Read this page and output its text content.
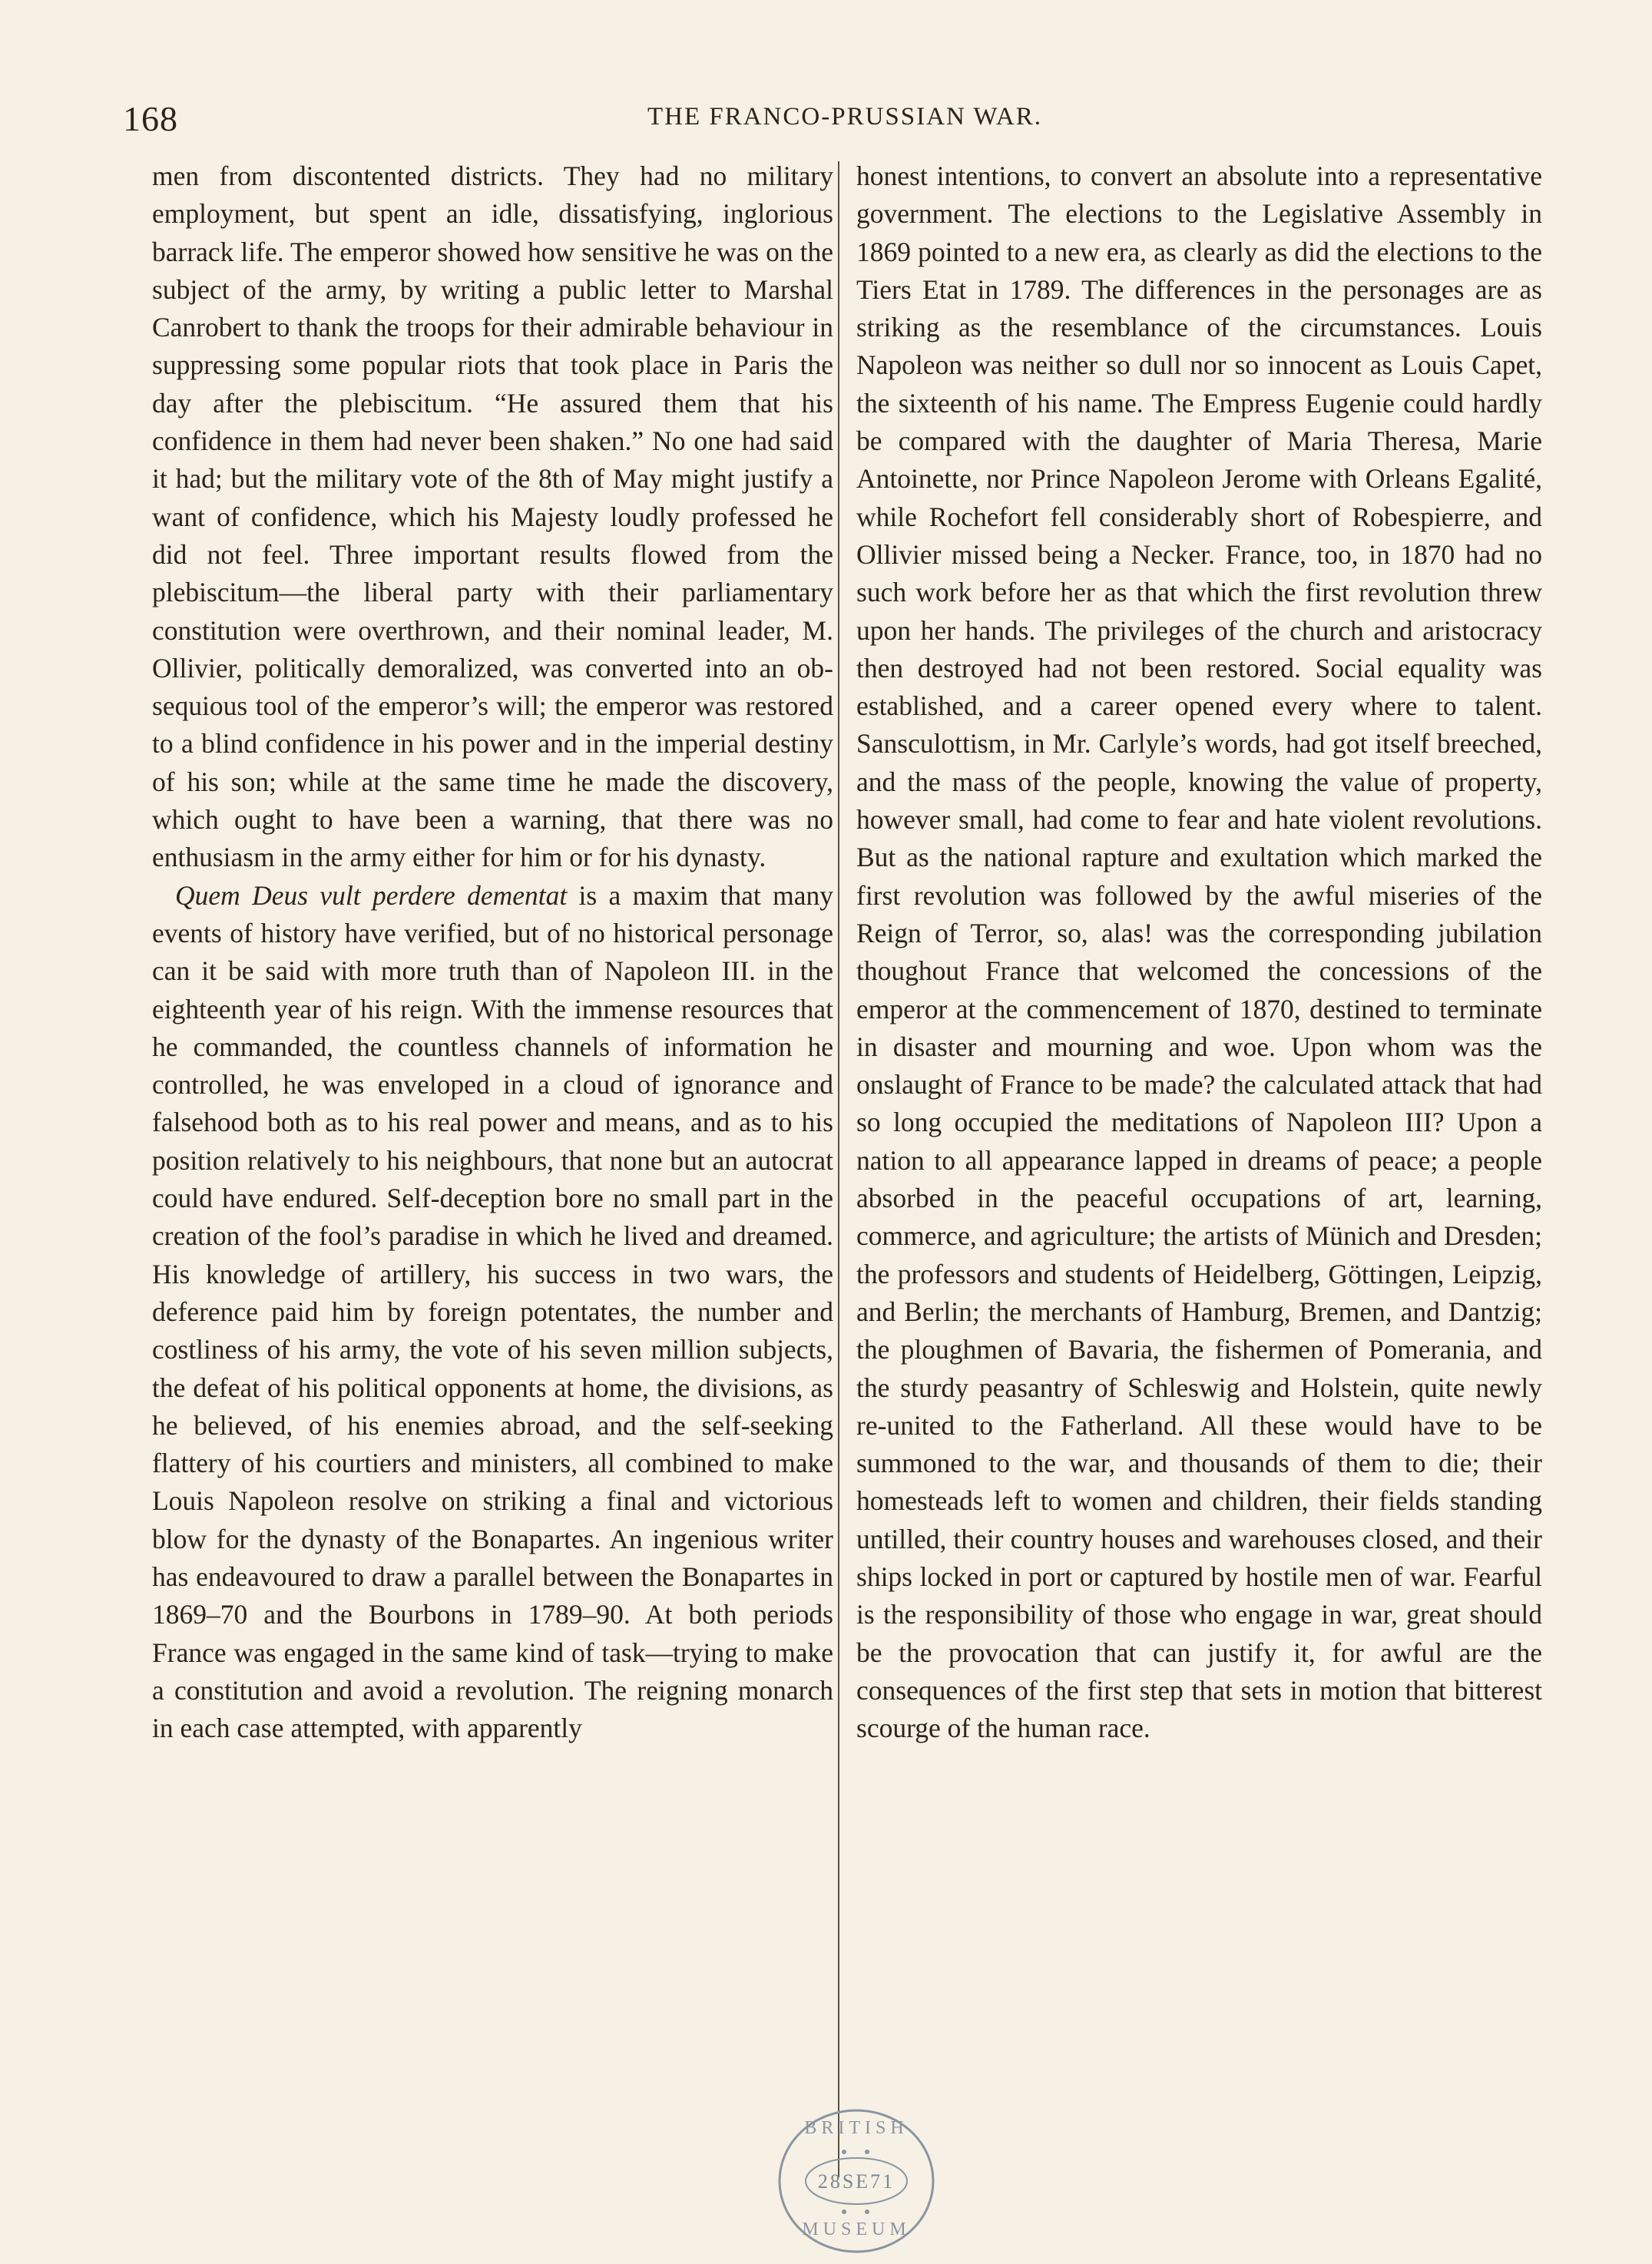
168	THE FRANCO-PRUSSIAN WAR.

men from discontented districts. They had no military employment, but spent an idle, dissatisfying, inglorious barrack life. The emperor showed how sensitive he was on the subject of the army, by writing a public letter to Marshal Canrobert to thank the troops for their admirable behaviour in suppressing some popular riots that took place in Paris the day after the plebiscitum. “He assured them that his confidence in them had never been shaken.” No one had said it had; but the military vote of the 8th of May might justify a want of confidence, which his Majesty loudly professed he did not feel. Three important results flowed from the plebiscitum—the liberal party with their parliamentary constitution were overthrown, and their nominal leader, M. Ollivier, politically demoralized, was converted into an obsequious tool of the emperor’s will; the emperor was restored to a blind confidence in his power and in the imperial destiny of his son; while at the same time he made the discovery, which ought to have been a warning, that there was no enthusiasm in the army either for him or for his dynasty.

Quem Deus vult perdere dementat is a maxim that many events of history have verified, but of no historical personage can it be said with more truth than of Napoleon III. in the eighteenth year of his reign. With the immense resources that he commanded, the countless channels of information he controlled, he was enveloped in a cloud of ignorance and falsehood both as to his real power and means, and as to his position relatively to his neighbours, that none but an autocrat could have endured. Self-deception bore no small part in the creation of the fool’s paradise in which he lived and dreamed. His knowledge of artillery, his success in two wars, the deference paid him by foreign potentates, the number and costliness of his army, the vote of his seven million subjects, the defeat of his political opponents at home, the divisions, as he believed, of his enemies abroad, and the self-seeking flattery of his courtiers and ministers, all combined to make Louis Napoleon resolve on striking a final and victorious blow for the dynasty of the Bonapartes. An ingenious writer has endeavoured to draw a parallel between the Bonapartes in 1869–70 and the Bourbons in 1789–90. At both periods France was engaged in the same kind of task—trying to make a constitution and avoid a revolution. The reigning monarch in each case attempted, with apparently

honest intentions, to convert an absolute into a representative government. The elections to the Legislative Assembly in 1869 pointed to a new era, as clearly as did the elections to the Tiers Etat in 1789. The differences in the personages are as striking as the resemblance of the circumstances. Louis Napoleon was neither so dull nor so innocent as Louis Capet, the sixteenth of his name. The Empress Eugenie could hardly be compared with the daughter of Maria Theresa, Marie Antoinette, nor Prince Napoleon Jerome with Orleans Egalité, while Rochefort fell considerably short of Robespierre, and Ollivier missed being a Necker. France, too, in 1870 had no such work before her as that which the first revolution threw upon her hands. The privileges of the church and aristocracy then destroyed had not been restored. Social equality was established, and a career opened every where to talent. Sansculottism, in Mr. Carlyle’s words, had got itself breeched, and the mass of the people, knowing the value of property, however small, had come to fear and hate violent revolutions. But as the national rapture and exultation which marked the first revolution was followed by the awful miseries of the Reign of Terror, so, alas! was the corresponding jubilation thoughout France that welcomed the concessions of the emperor at the commencement of 1870, destined to terminate in disaster and mourning and woe. Upon whom was the onslaught of France to be made? the calculated attack that had so long occupied the meditations of Napoleon III? Upon a nation to all appearance lapped in dreams of peace; a people absorbed in the peaceful occupations of art, learning, commerce, and agriculture; the artists of Münich and Dresden; the professors and students of Heidelberg, Göttingen, Leipzig, and Berlin; the merchants of Hamburg, Bremen, and Dantzig; the ploughmen of Bavaria, the fishermen of Pomerania, and the sturdy peasantry of Schleswig and Holstein, quite newly re-united to the Fatherland. All these would have to be summoned to the war, and thousands of them to die; their homesteads left to women and children, their fields standing untilled, their country houses and warehouses closed, and their ships locked in port or captured by hostile men of war. Fearful is the responsibility of those who engage in war, great should be the provocation that can justify it, for awful are the consequences of the first step that sets in motion that bitterest scourge of the human race.

BRITISH
28SE71
MUSEUM
